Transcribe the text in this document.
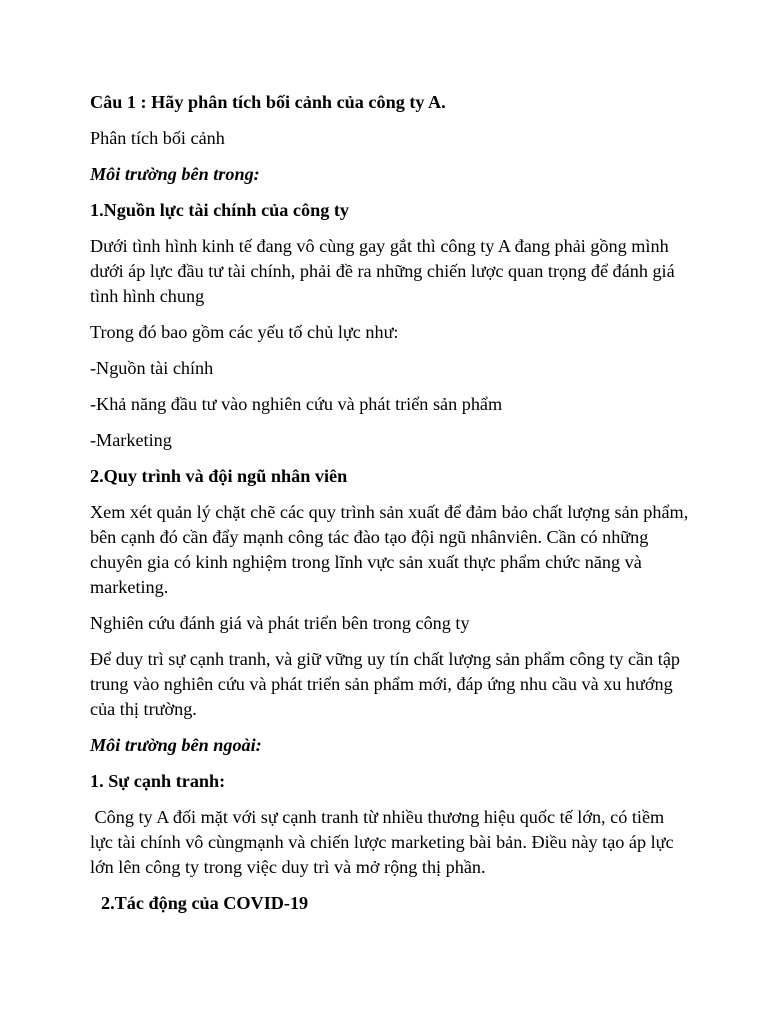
Câu 1 : Hãy phân tích bối cảnh của công ty A.

Phân tích bối cảnh

Môi trường bên trong:

1.Nguồn lực tài chính của công ty

Dưới tình hình kinh tế đang vô cùng gay gắt thì công ty A đang phải gồng mình dưới áp lực đầu tư tài chính, phải đề ra những chiến lược quan trọng để đánh giá tình hình chung

Trong đó bao gồm các yếu tố chủ lực như:

-Nguồn tài chính

-Khả năng đầu tư vào nghiên cứu và phát triển sản phẩm

-Marketing

2.Quy trình và đội ngũ nhân viên

Xem xét quản lý chặt chẽ các quy trình sản xuất để đảm bảo chất lượng sản phẩm, bên cạnh đó cần đẩy mạnh công tác đào tạo đội ngũ nhânviên. Cần có những chuyên gia có kinh nghiệm trong lĩnh vực sản xuất thực phẩm chức năng và marketing.

Nghiên cứu đánh giá và phát triển bên trong công ty

Để duy trì sự cạnh tranh, và giữ vững uy tín chất lượng sản phẩm công ty cần tập trung vào nghiên cứu và phát triển sản phẩm mới, đáp ứng nhu cầu và xu hướng của thị trường.

Môi trường bên ngoài:

1. Sự cạnh tranh:

Công ty A đối mặt với sự cạnh tranh từ nhiều thương hiệu quốc tế lớn, có tiềm lực tài chính vô cùngmạnh và chiến lược marketing bài bản. Điều này tạo áp lực lớn lên công ty trong việc duy trì và mở rộng thị phần.

2.Tác động của COVID-19
